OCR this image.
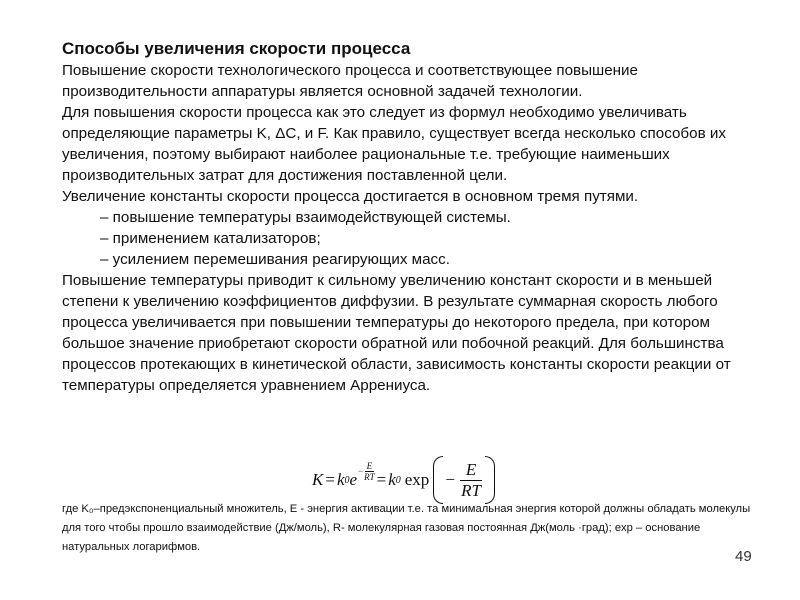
Способы увеличения скорости процесса

Повышение скорости технологического процесса и соответствующее повышение производительности аппаратуры является основной задачей технологии.

Для повышения скорости процесса как это следует из формул необходимо увеличивать определяющие параметры K, ΔC, и F. Как правило, существует всегда несколько способов их увеличения, поэтому выбирают наиболее рациональные т.е. требующие наименьших производительных затрат для достижения поставленной цели.

Увеличение константы скорости процесса достигается в основном тремя путями.

– повышение температуры взаимодействующей системы.
– применением катализаторов;
– усилением перемешивания реагирующих масс.

Повышение температуры приводит к сильному увеличению констант скорости и в меньшей степени к увеличению коэффициентов диффузии. В результате суммарная скорость любого процесса увеличивается при повышении температуры до некоторого предела, при котором большое значение приобретают скорости обратной или побочной реакций. Для большинства процессов протекающих в кинетической области, зависимость константы скорости реакции от температуры определяется уравнением Аррениуса.

K = k 0 $e - \frac{E}{RT} = k$ 0 $\exp - \frac{E}{RT}$

где K₀–предэкспоненциальный множитель, E - энергия активации т.е. та минимальная энергия которой должны обладать молекулы для того чтобы прошло взаимодействие (Дж/моль), R- молекулярная газовая постоянная Дж(моль ·град); exp – основание натуральных логарифмов.

49
